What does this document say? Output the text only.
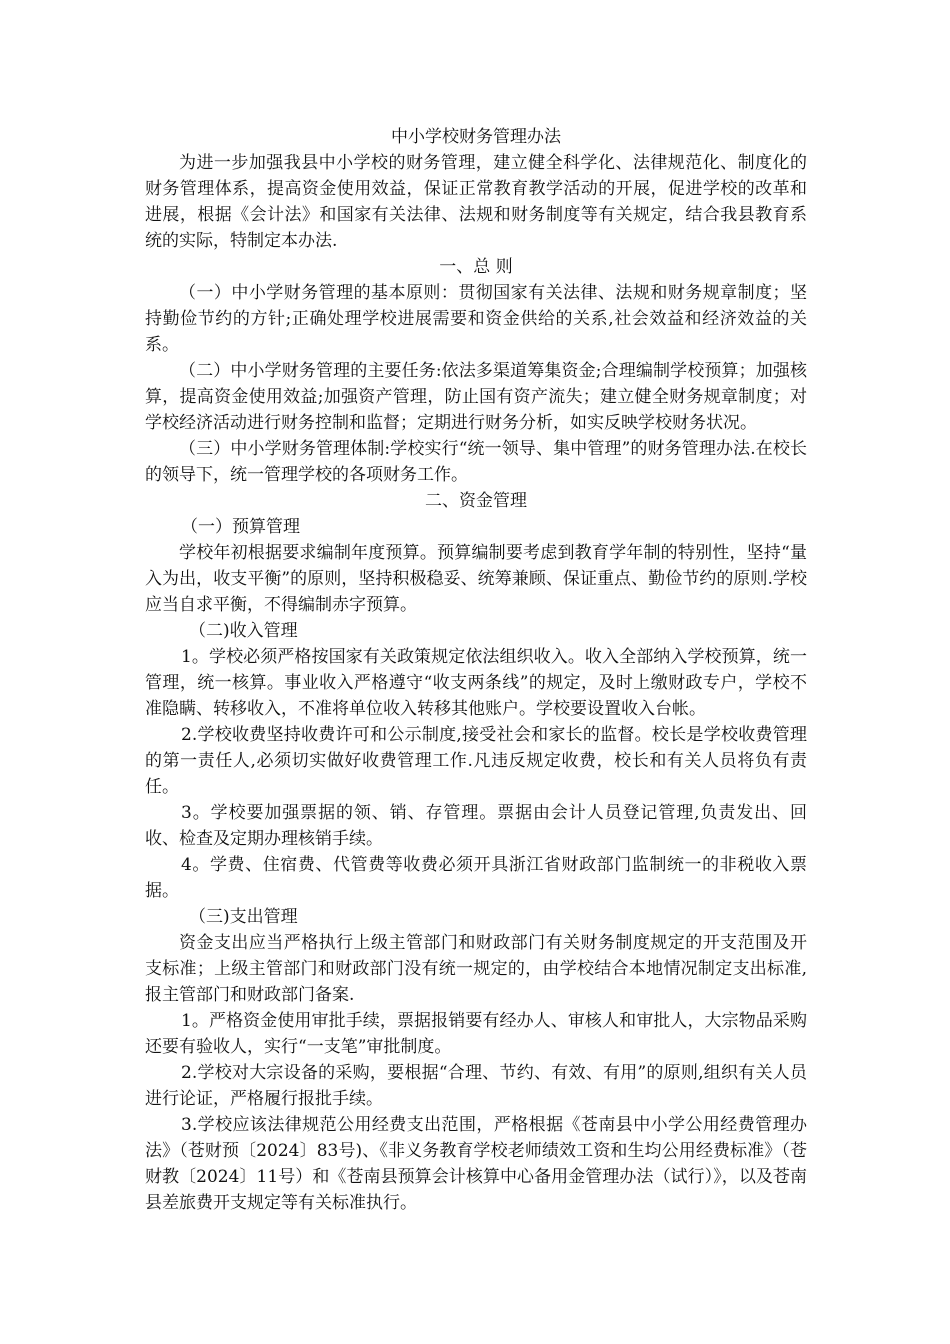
中小学校财务管理办法

为进一步加强我县中小学校的财务管理，建立健全科学化、法律规范化、制度化的财务管理体系，提高资金使用效益，保证正常教育教学活动的开展，促进学校的改革和进展，根据《会计法》和国家有关法律、法规和财务制度等有关规定，结合我县教育系统的实际，特制定本办法.

一、总 则

（一）中小学财务管理的基本原则：贯彻国家有关法律、法规和财务规章制度；坚持勤俭节约的方针;正确处理学校进展需要和资金供给的关系,社会效益和经济效益的关系。

（二）中小学财务管理的主要任务:依法多渠道筹集资金;合理编制学校预算；加强核算，提高资金使用效益;加强资产管理，防止国有资产流失；建立健全财务规章制度；对学校经济活动进行财务控制和监督；定期进行财务分析，如实反映学校财务状况。

（三）中小学财务管理体制:学校实行“统一领导、集中管理”的财务管理办法.在校长的领导下，统一管理学校的各项财务工作。

二、资金管理

（一）预算管理

学校年初根据要求编制年度预算。预算编制要考虑到教育学年制的特别性，坚持“量入为出，收支平衡”的原则，坚持积极稳妥、统筹兼顾、保证重点、勤俭节约的原则.学校应当自求平衡，不得编制赤字预算。

（二)收入管理

1。学校必须严格按国家有关政策规定依法组织收入。收入全部纳入学校预算，统一管理，统一核算。事业收入严格遵守“收支两条线”的规定，及时上缴财政专户，学校不准隐瞒、转移收入，不准将单位收入转移其他账户。学校要设置收入台帐。

2.学校收费坚持收费许可和公示制度,接受社会和家长的监督。校长是学校收费管理的第一责任人,必须切实做好收费管理工作.凡违反规定收费，校长和有关人员将负有责任。

3。学校要加强票据的领、销、存管理。票据由会计人员登记管理,负责发出、回收、检查及定期办理核销手续。

4。学费、住宿费、代管费等收费必须开具浙江省财政部门监制统一的非税收入票据。

（三)支出管理

资金支出应当严格执行上级主管部门和财政部门有关财务制度规定的开支范围及开支标准；上级主管部门和财政部门没有统一规定的，由学校结合本地情况制定支出标准,报主管部门和财政部门备案.

1。严格资金使用审批手续，票据报销要有经办人、审核人和审批人，大宗物品采购还要有验收人，实行“一支笔”审批制度。

2.学校对大宗设备的采购，要根据“合理、节约、有效、有用”的原则,组织有关人员进行论证，严格履行报批手续。

3.学校应该法律规范公用经费支出范围，严格根据《苍南县中小学公用经费管理办法》（苍财预〔2024〕83号)、《非义务教育学校老师绩效工资和生均公用经费标准》（苍财教〔2024〕11号）和《苍南县预算会计核算中心备用金管理办法（试行）》，以及苍南县差旅费开支规定等有关标准执行。
